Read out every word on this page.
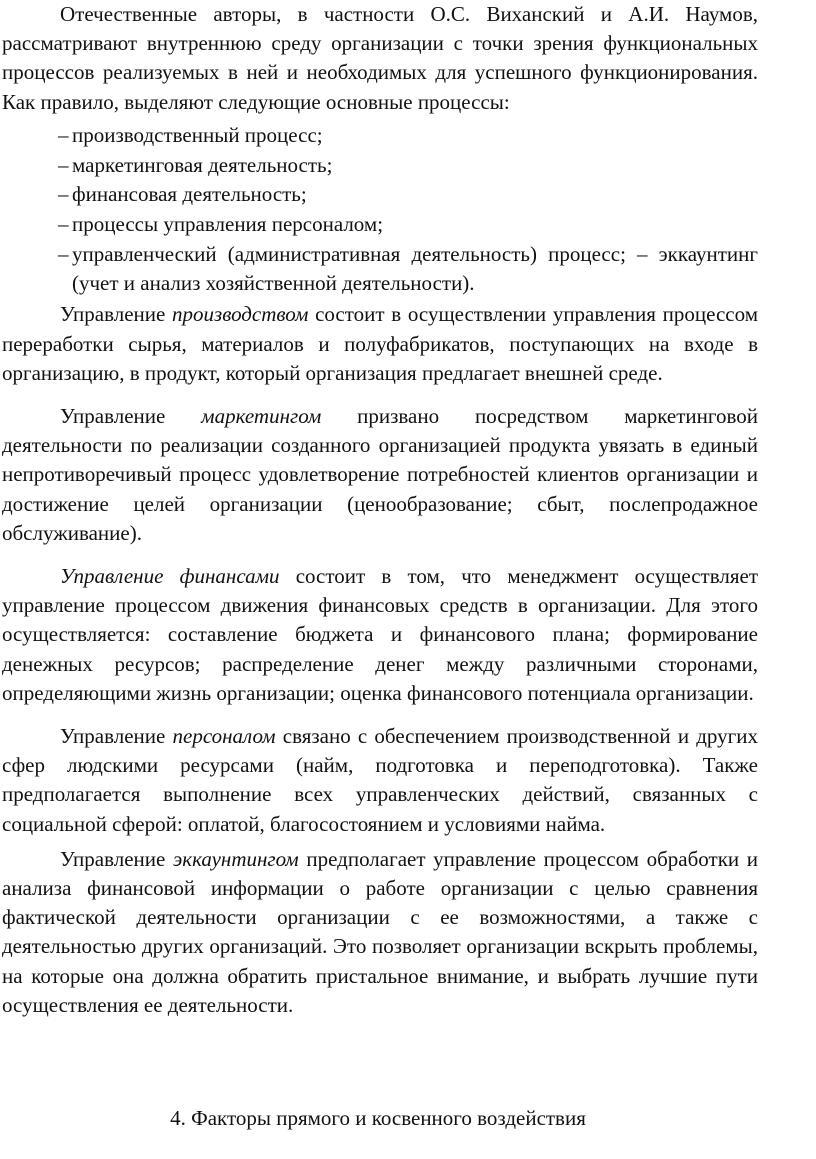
Отечественные авторы, в частности О.С. Виханский и А.И. Наумов, рассматривают внутреннюю среду организации с точки зрения функциональных процессов реализуемых в ней и необходимых для успешного функционирования. Как правило, выделяют следующие основные процессы:

– производственный процесс;
– маркетинговая деятельность;
– финансовая деятельность;
– процессы управления персоналом;
– управленческий (административная деятельность) процесс; – эккаунтинг (учет и анализ хозяйственной деятельности).

Управление производством состоит в осуществлении управления процессом переработки сырья, материалов и полуфабрикатов, поступающих на входе в организацию, в продукт, который организация предлагает внешней среде.

Управление маркетингом призвано посредством маркетинговой деятельности по реализации созданного организацией продукта увязать в единый непротиворечивый процесс удовлетворение потребностей клиентов организации и достижение целей организации (ценообразование; сбыт, послепродажное обслуживание).

Управление финансами состоит в том, что менеджмент осуществляет управление процессом движения финансовых средств в организации. Для этого осуществляется: составление бюджета и финансового плана; формирование денежных ресурсов; распределение денег между различными сторонами, определяющими жизнь организации; оценка финансового потенциала организации.

Управление персоналом связано с обеспечением производственной и других сфер людскими ресурсами (найм, подготовка и переподготовка). Также предполагается выполнение всех управленческих действий, связанных с социальной сферой: оплатой, благосостоянием и условиями найма.

Управление эккаунтингом предполагает управление процессом обработки и анализа финансовой информации о работе организации с целью сравнения фактической деятельности организации с ее возможностями, а также с деятельностью других организаций. Это позволяет организации вскрыть проблемы, на которые она должна обратить пристальное внимание, и выбрать лучшие пути осуществления ее деятельности.

4. Факторы прямого и косвенного воздействия
